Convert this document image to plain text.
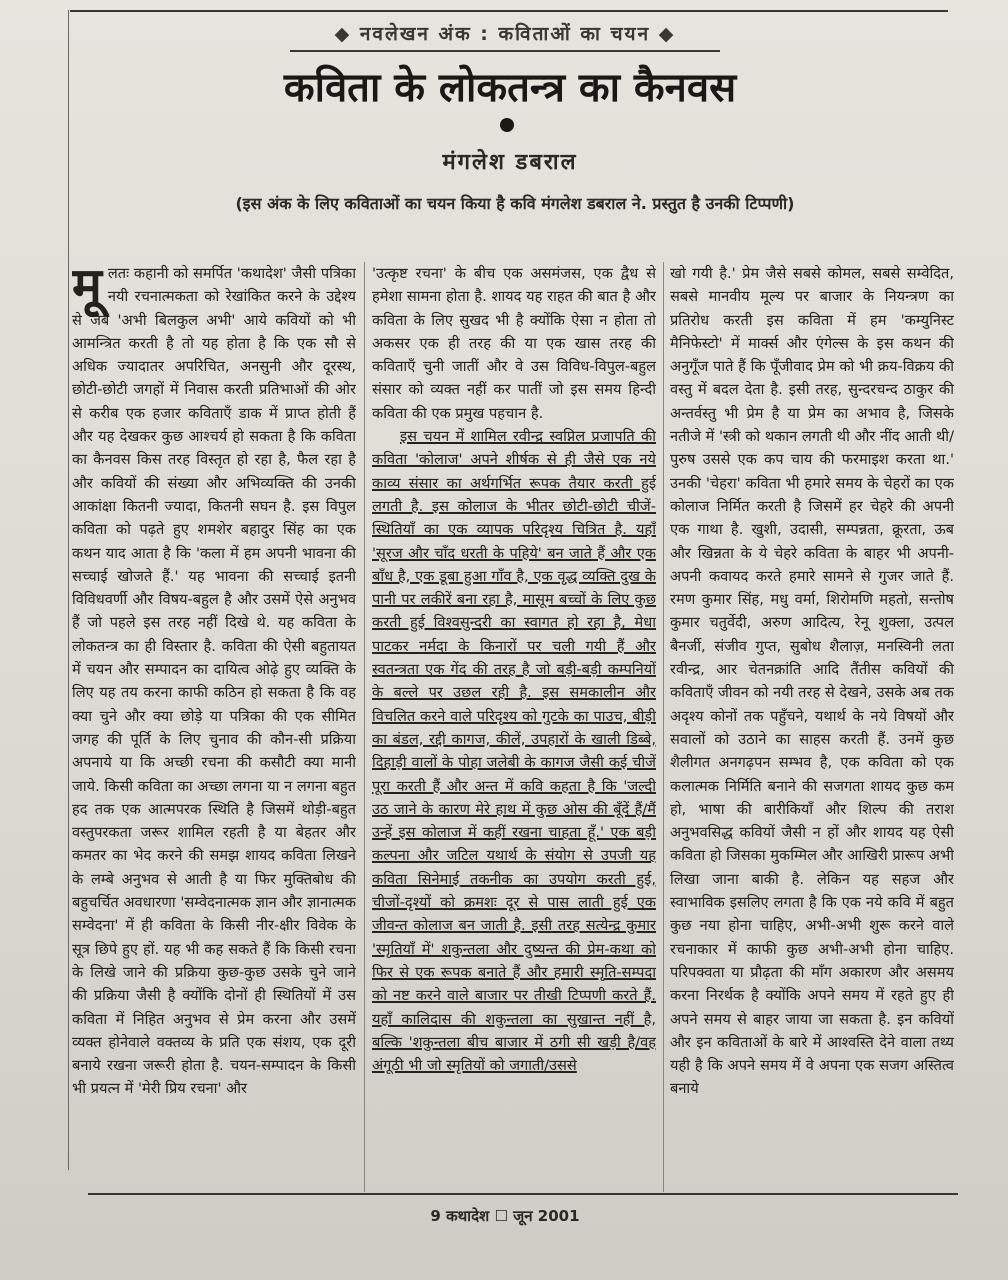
◆ नवलेखन अंक : कविताओं का चयन ◆
कविता के लोकतन्त्र का कैनवस
मंगलेश डबराल
(इस अंक के लिए कविताओं का चयन किया है कवि मंगलेश डबराल ने. प्रस्तुत है उनकी टिप्पणी)

मूलतः कहानी को समर्पित 'कथादेश' जैसी पत्रिका नयी रचनात्मकता को रेखांकित करने के उद्देश्य से जब 'अभी बिलकुल अभी' आये कवियों को भी आमन्त्रित करती है तो यह होता है कि एक सौ से अधिक ज्यादातर अपरिचित, अनसुनी और दूरस्थ, छोटी-छोटी जगहों में निवास करती प्रतिभाओं की ओर से करीब एक हजार कविताएँ डाक में प्राप्त होती हैं और यह देखकर कुछ आश्चर्य हो सकता है कि कविता का कैनवस किस तरह विस्तृत हो रहा है, फैल रहा है और कवियों की संख्या और अभिव्यक्ति की उनकी आकांक्षा कितनी ज्यादा, कितनी सघन है. इस विपुल कविता को पढ़ते हुए शमशेर बहादुर सिंह का एक कथन याद आता है कि 'कला में हम अपनी भावना की सच्चाई खोजते हैं.' यह भावना की सच्चाई इतनी विविधवर्णी और विषय-बहुल है और उसमें ऐसे अनुभव हैं जो पहले इस तरह नहीं दिखे थे. यह कविता के लोकतन्त्र का ही विस्तार है. कविता की ऐसी बहुतायत में चयन और सम्पादन का दायित्व ओढ़े हुए व्यक्ति के लिए यह तय करना काफी कठिन हो सकता है कि वह क्या चुने और क्या छोड़े या पत्रिका की एक सीमित जगह की पूर्ति के लिए चुनाव की कौन-सी प्रक्रिया अपनाये या कि अच्छी रचना की कसौटी क्या मानी जाये. किसी कविता का अच्छा लगना या न लगना बहुत हद तक एक आत्मपरक स्थिति है जिसमें थोड़ी-बहुत वस्तुपरकता जरूर शामिल रहती है या बेहतर और कमतर का भेद करने की समझ शायद कविता लिखने के लम्बे अनुभव से आती है या फिर मुक्तिबोध की बहुचर्चित अवधारणा 'सम्वेदनात्मक ज्ञान और ज्ञानात्मक सम्वेदना' में ही कविता के किसी नीर-क्षीर विवेक के सूत्र छिपे हुए हों. यह भी कह सकते हैं कि किसी रचना के लिखे जाने की प्रक्रिया कुछ-कुछ उसके चुने जाने की प्रक्रिया जैसी है क्योंकि दोनों ही स्थितियों में उस कविता में निहित अनुभव से प्रेम करना और उसमें व्यक्त होनेवाले वक्तव्य के प्रति एक संशय, एक दूरी बनाये रखना जरूरी होता है. चयन-सम्पादन के किसी भी प्रयत्न में 'मेरी प्रिय रचना' और

'उत्कृष्ट रचना' के बीच एक असमंजस, एक द्वैध से हमेशा सामना होता है. शायद यह राहत की बात है और कविता के लिए सुखद भी है क्योंकि ऐसा न होता तो अकसर एक ही तरह की या एक खास तरह की कविताएँ चुनी जातीं और वे उस विविध-विपुल-बहुल संसार को व्यक्त नहीं कर पातीं जो इस समय हिन्दी कविता की एक प्रमुख पहचान है.

इस चयन में शामिल रवीन्द्र स्वप्निल प्रजापति की कविता 'कोलाज' अपने शीर्षक से ही जैसे एक नये काव्य संसार का अर्थगर्भित रूपक तैयार करती हुई लगती है. इस कोलाज के भीतर छोटी-छोटी चीजें- स्थितियाँ का एक व्यापक परिदृश्य चित्रित है. यहाँ 'सूरज और चाँद धरती के पहिये' बन जाते हैं और एक बाँध है, एक डूबा हुआ गाँव है, एक वृद्ध व्यक्ति दुख के पानी पर लकीरें बना रहा है, मासूम बच्चों के लिए कुछ करती हुई विश्वसुन्दरी का स्वागत हो रहा है, मेधा पाटकर नर्मदा के किनारों पर चली गयी हैं और स्वतन्त्रता एक गेंद की तरह है जो बड़ी-बड़ी कम्पनियों के बल्ले पर उछल रही है. इस समकालीन और विचलित करने वाले परिदृश्य को गुटके का पाउच, बीड़ी का बंडल, रद्दी कागज, कीलें, उपहारों के खाली डिब्बे, दिहाड़ी वालों के पोहा जलेबी के कागज जैसी कई चीजें पूरा करती हैं और अन्त में कवि कहता है कि 'जल्दी उठ जाने के कारण मेरे हाथ में कुछ ओस की बूँदें हैं/मैं उन्हें इस कोलाज में कहीं रखना चाहता हूँ.' एक बड़ी कल्पना और जटिल यथार्थ के संयोग से उपजी यह कविता सिनेमाई तकनीक का उपयोग करती हुई, चीजों-दृश्यों को क्रमशः दूर से पास लाती हुई एक जीवन्त कोलाज बन जाती है. इसी तरह सत्येन्द्र कुमार 'स्मृतियाँ में' शकुन्तला और दुष्यन्त की प्रेम-कथा को फिर से एक रूपक बनाते हैं और हमारी स्मृति-सम्पदा को नष्ट करने वाले बाजार पर तीखी टिप्पणी करते हैं. यहाँ कालिदास की शकुन्तला का सुखान्त नहीं है, बल्कि 'शकुन्तला बीच बाजार में ठगी सी खड़ी है/वह अंगूठी भी जो स्मृतियों को जगाती/उससे

खो गयी है.' प्रेम जैसे सबसे कोमल, सबसे सम्वेदित, सबसे मानवीय मूल्य पर बाजार के नियन्त्रण का प्रतिरोध करती इस कविता में हम 'कम्युनिस्ट मैनिफेस्टो' में मार्क्स और एंगेल्स के इस कथन की अनुगूँज पाते हैं कि पूँजीवाद प्रेम को भी क्रय-विक्रय की वस्तु में बदल देता है. इसी तरह, सुन्दरचन्द ठाकुर की अन्तर्वस्तु भी प्रेम है या प्रेम का अभाव है, जिसके नतीजे में 'स्त्री को थकान लगती थी और नींद आती थी/पुरुष उससे एक कप चाय की फरमाइश करता था.' उनकी 'चेहरा' कविता भी हमारे समय के चेहरों का एक कोलाज निर्मित करती है जिसमें हर चेहरे की अपनी एक गाथा है. खुशी, उदासी, सम्पन्नता, क्रूरता, ऊब और खिन्नता के ये चेहरे कविता के बाहर भी अपनी-अपनी कवायद करते हमारे सामने से गुजर जाते हैं. रमण कुमार सिंह, मधु वर्मा, शिरोमणि महतो, सन्तोष कुमार चतुर्वेदी, अरुण आदित्य, रेनू शुक्ला, उत्पल बैनर्जी, संजीव गुप्त, सुबोध शैलाज़, मनस्विनी लता रवीन्द्र, आर चेतनक्रांति आदि तैंतीस कवियों की कविताएँ जीवन को नयी तरह से देखने, उसके अब तक अदृश्य कोनों तक पहुँचने, यथार्थ के नये विषयों और सवालों को उठाने का साहस करती हैं. उनमें कुछ शैलीगत अनगढ़पन सम्भव है, एक कविता को एक कलात्मक निर्मिति बनाने की सजगता शायद कुछ कम हो, भाषा की बारीकियाँ और शिल्प की तराश अनुभवसिद्ध कवियों जैसी न हों और शायद यह ऐसी कविता हो जिसका मुकम्मिल और आखिरी प्रारूप अभी लिखा जाना बाकी है. लेकिन यह सहज और स्वाभाविक इसलिए लगता है कि एक नये कवि में बहुत कुछ नया होना चाहिए, अभी-अभी शुरू करने वाले रचनाकार में काफी कुछ अभी-अभी होना चाहिए. परिपक्वता या प्रौढ़ता की माँग अकारण और असमय करना निरर्थक है क्योंकि अपने समय में रहते हुए ही अपने समय से बाहर जाया जा सकता है. इन कवियों और इन कविताओं के बारे में आश्वस्ति देने वाला तथ्य यही है कि अपने समय में वे अपना एक सजग अस्तित्व बनाये

9 कथादेश ☐ जून 2001
